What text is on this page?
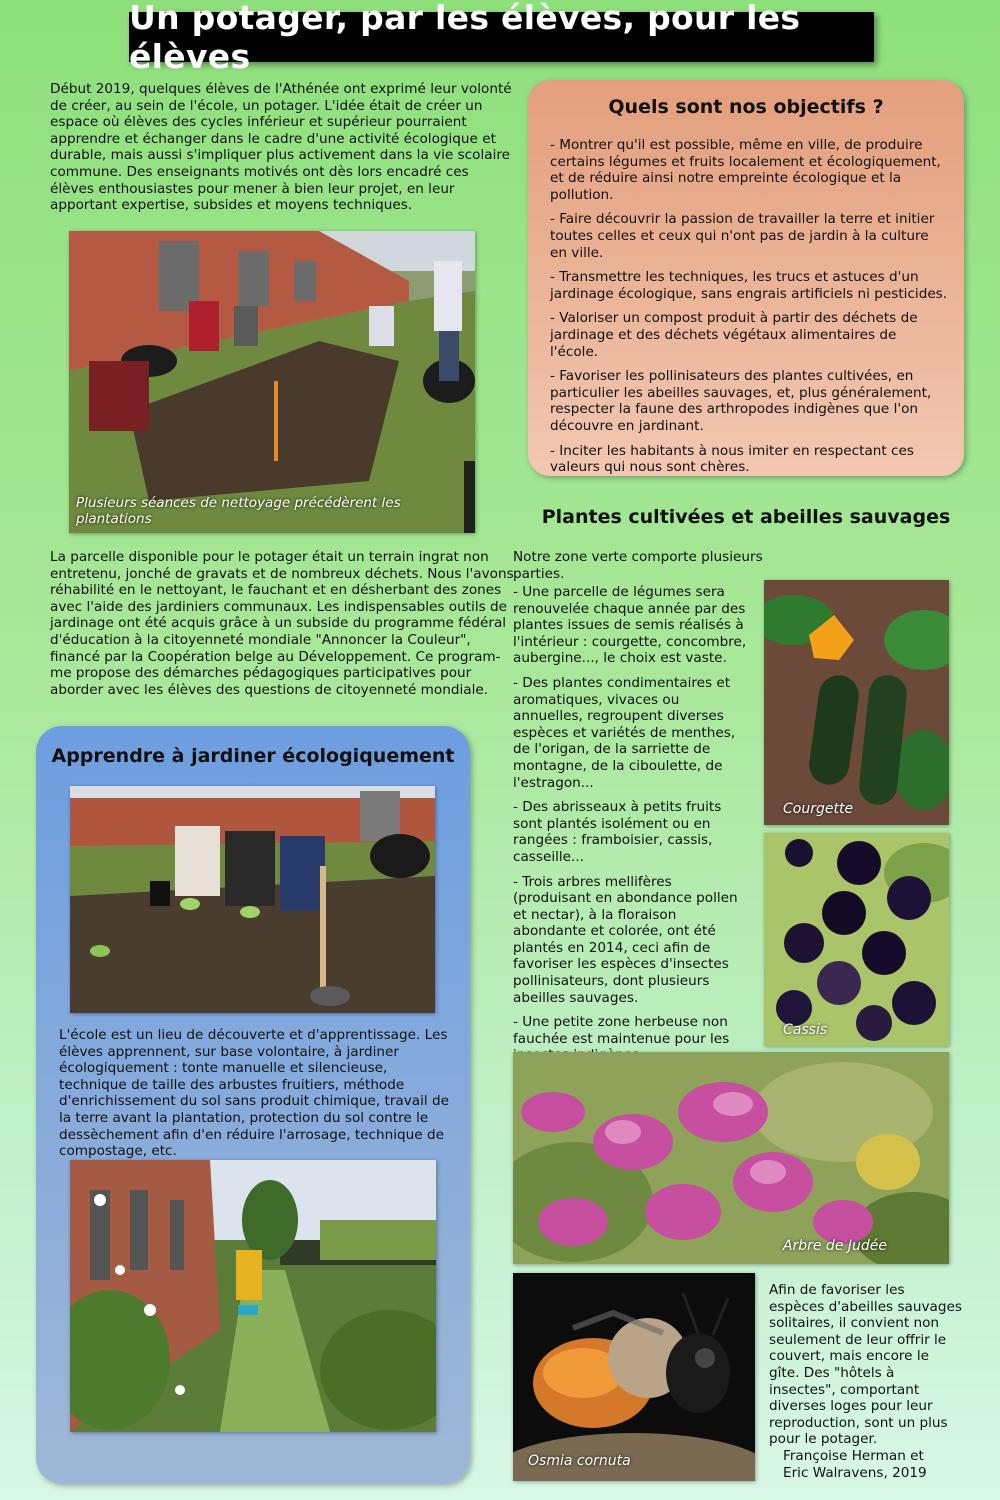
Un potager, par les élèves, pour les élèves
Début 2019, quelques élèves de l'Athénée ont exprimé leur volonté de créer, au sein de l'école, un potager. L'idée était de créer un espace où élèves des cycles inférieur et supérieur pourraient apprendre et échanger dans le cadre d'une activité écologique et durable, mais aussi s'impliquer plus activement dans la vie scolaire commune. Des enseignants motivés ont dès lors encadré ces élèves enthousiastes pour mener à bien leur projet, en leur apportant expertise, subsides et moyens techniques.
Plusieurs séances de nettoyage précédèrent les plantations
La parcelle disponible pour le potager était un terrain ingrat non entretenu, jonché de gravats et de nombreux déchets. Nous l'avons réhabilité en le nettoyant, le fauchant et en désherbant des zones avec l'aide des jardiniers communaux. Les indispensables outils de jardinage ont été acquis grâce à un subside du programme fédéral d'éducation à la citoyenneté mondiale "Annoncer la Couleur", financé par la Coopération belge au Développement. Ce program-me propose des démarches pédagogiques participatives pour aborder avec les élèves des questions de citoyenneté mondiale.
Quels sont nos objectifs ?
- Montrer qu'il est possible, même en ville, de produire certains légumes et fruits localement et écologiquement, et de réduire ainsi notre empreinte écologique et la pollution.
- Faire découvrir la passion de travailler la terre et initier toutes celles et ceux qui n'ont pas de jardin à la culture en ville.
- Transmettre les techniques, les trucs et astuces d'un jardinage écologique, sans engrais artificiels ni pesticides.
- Valoriser un compost produit à partir des déchets de jardinage et des déchets végétaux alimentaires de l'école.
- Favoriser les pollinisateurs des plantes cultivées, en particulier les abeilles sauvages, et, plus généralement, respecter la faune des arthropodes indigènes que l'on découvre en jardinant.
- Inciter les habitants à nous imiter en respectant ces valeurs qui nous sont chères.
Plantes cultivées et abeilles sauvages
Notre zone verte comporte plusieurs parties.
- Une parcelle de légumes sera renouvelée chaque année par des plantes issues de semis réalisés à l'intérieur : courgette, concombre, aubergine..., le choix est vaste.
- Des plantes condimentaires et aromatiques, vivaces ou annuelles, regroupent diverses espèces et variétés de menthes, de l'origan, de la sarriette de montagne, de la ciboulette, de l'estragon...
- Des abrisseaux à petits fruits sont plantés isolément ou en rangées : framboisier, cassis, casseille...
- Trois arbres mellifères (produisant en abondance pollen et nectar), à la floraison abondante et colorée, ont été plantés en 2014, ceci afin de favoriser les espèces d'insectes pollinisateurs, dont plusieurs abeilles sauvages.
- Une petite zone herbeuse non fauchée est maintenue pour les
Courgette
Cassis
Arbre de Judée
Osmia cornuta
Afin de favoriser les espèces d'abeilles sauvages solitaires, il convient non seulement de leur offrir le couvert, mais encore le gîte. Des "hôtels à insectes", comportant diverses loges pour leur reproduction, sont un plus pour le potager.
Françoise Herman et
Eric Walravens, 2019
Apprendre à jardiner écologiquement
L'école est un lieu de découverte et d'apprentissage. Les élèves apprennent, sur base volontaire, à jardiner écologiquement : tonte manuelle et silencieuse, technique de taille des arbustes fruitiers, méthode d'enrichissement du sol sans produit chimique, travail de la terre avant la plantation, protection du sol contre le dessèchement afin d'en réduire l'arrosage, technique de compostage, etc.
